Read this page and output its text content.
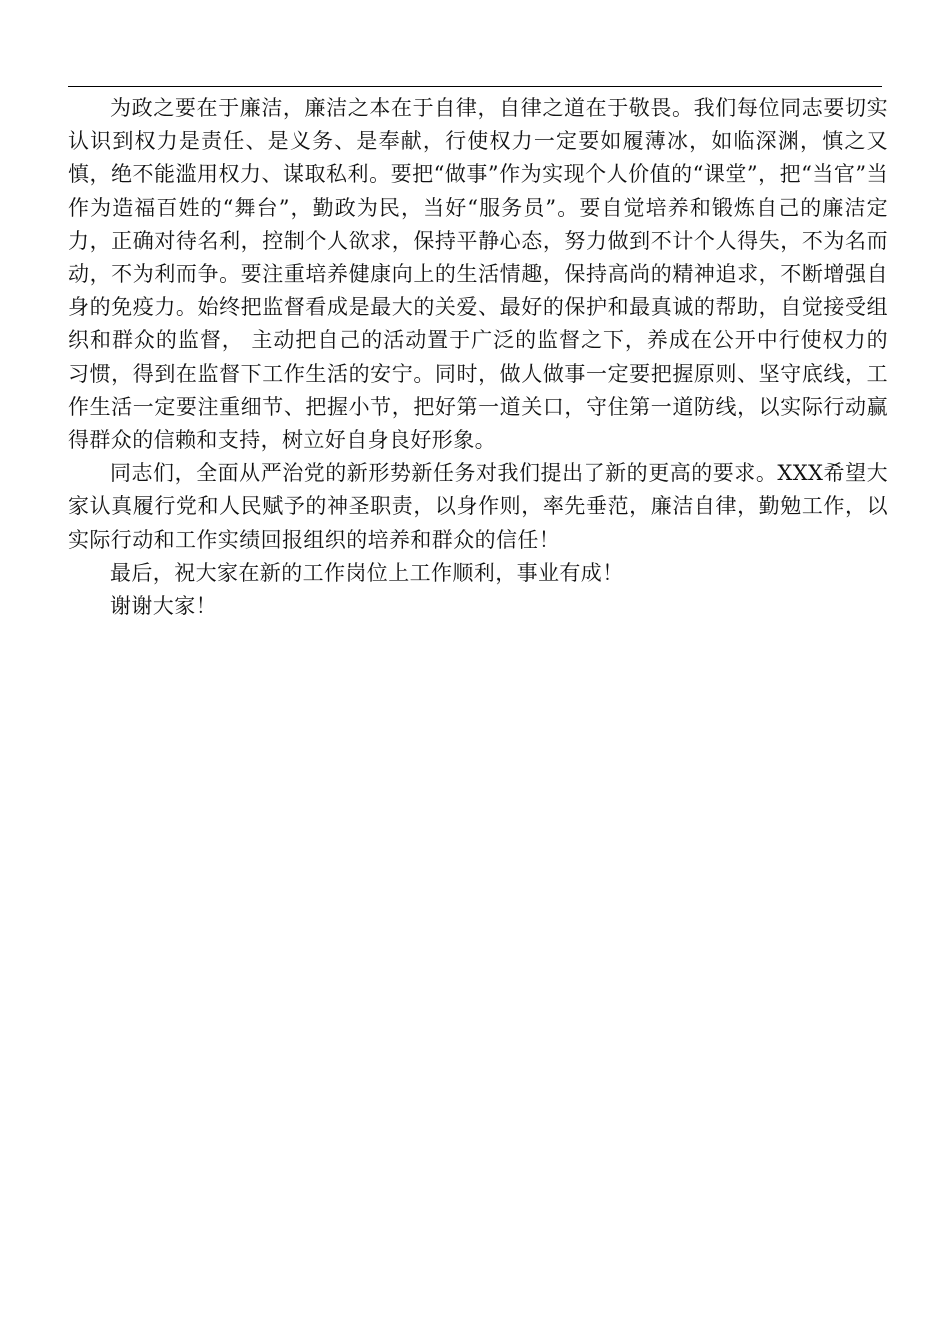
为政之要在于廉洁，廉洁之本在于自律，自律之道在于敬畏。我们每位同志要切实认识到权力是责任、是义务、是奉献，行使权力一定要如履薄冰，如临深渊，慎之又慎，绝不能滥用权力、谋取私利。要把“做事”作为实现个人价值的“课堂”，把“当官”当作为造福百姓的“舞台”，勤政为民，当好“服务员”。要自觉培养和锻炼自己的廉洁定力，正确对待名利，控制个人欲求，保持平静心态，努力做到不计个人得失，不为名而动，不为利而争。要注重培养健康向上的生活情趣，保持高尚的精神追求，不断增强自身的免疫力。始终把监督看成是最大的关爱、最好的保护和最真诚的帮助，自觉接受组织和群众的监督， 主动把自己的活动置于广泛的监督之下，养成在公开中行使权力的习惯，得到在监督下工作生活的安宁。同时，做人做事一定要把握原则、坚守底线，工作生活一定要注重细节、把握小节，把好第一道关口，守住第一道防线，以实际行动赢得群众的信赖和支持，树立好自身良好形象。

同志们，全面从严治党的新形势新任务对我们提出了新的更高的要求。XXX希望大家认真履行党和人民赋予的神圣职责，以身作则，率先垂范，廉洁自律，勤勉工作，以实际行动和工作实绩回报组织的培养和群众的信任！

最后，祝大家在新的工作岗位上工作顺利，事业有成！

谢谢大家！
